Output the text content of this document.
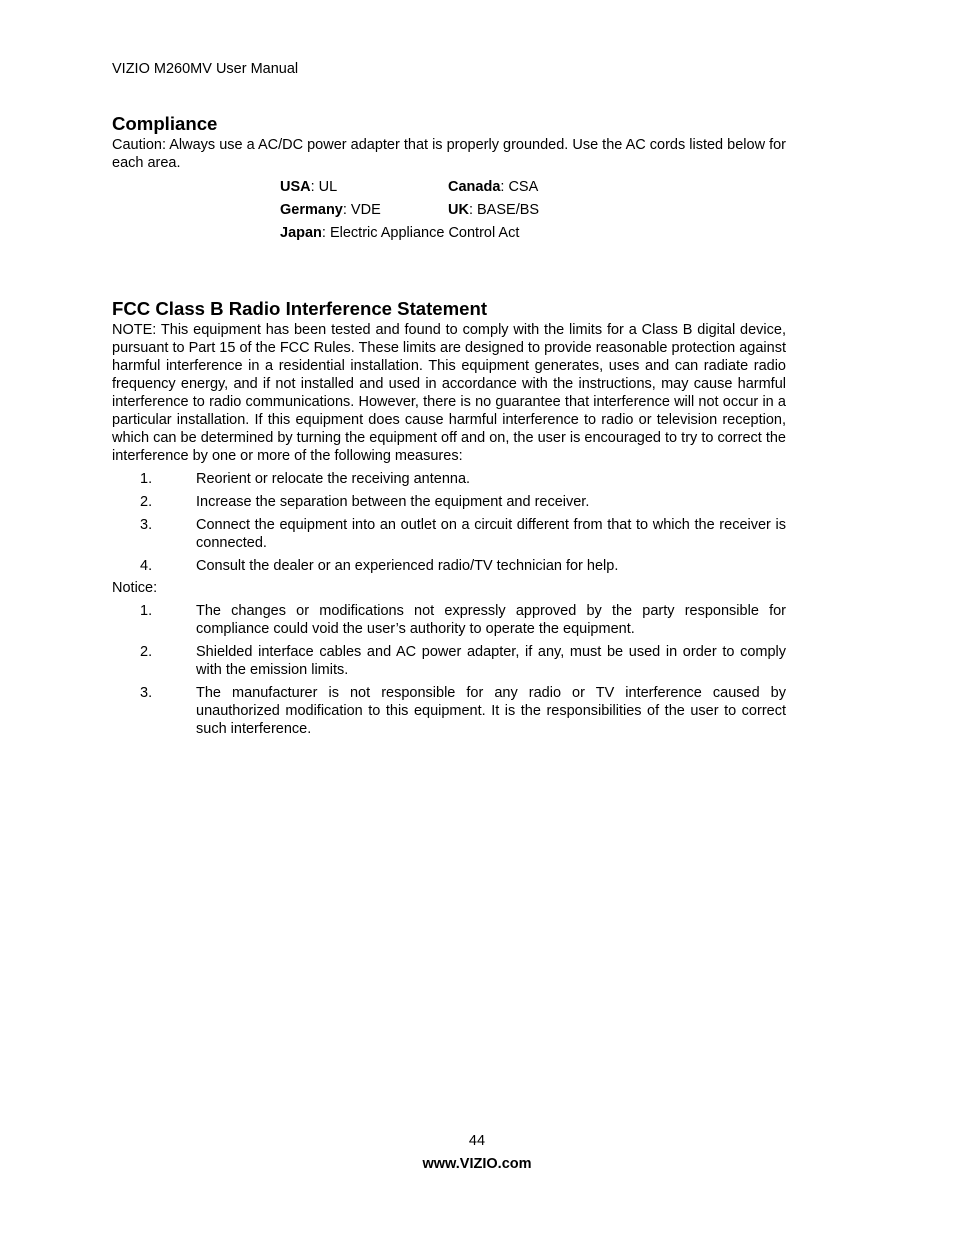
VIZIO M260MV User Manual
Compliance

Caution: Always use a AC/DC power adapter that is properly grounded. Use the AC cords listed below for each area.

USA: UL	Canada: CSA
Germany: VDE	UK: BASE/BS
Japan: Electric Appliance Control Act
FCC Class B Radio Interference Statement

NOTE: This equipment has been tested and found to comply with the limits for a Class B digital device, pursuant to Part 15 of the FCC Rules. These limits are designed to provide reasonable protection against harmful interference in a residential installation. This equipment generates, uses and can radiate radio frequency energy, and if not installed and used in accordance with the instructions, may cause harmful interference to radio communications. However, there is no guarantee that interference will not occur in a particular installation. If this equipment does cause harmful interference to radio or television reception, which can be determined by turning the equipment off and on, the user is encouraged to try to correct the interference by one or more of the following measures:

1.	Reorient or relocate the receiving antenna.
2.	Increase the separation between the equipment and receiver.
3.	Connect the equipment into an outlet on a circuit different from that to which the receiver is connected.
4.	Consult the dealer or an experienced radio/TV technician for help.
Notice:
1.	The changes or modifications not expressly approved by the party responsible for compliance could void the user’s authority to operate the equipment.
2.	Shielded interface cables and AC power adapter, if any, must be used in order to comply with the emission limits.
3.	The manufacturer is not responsible for any radio or TV interference caused by unauthorized modification to this equipment. It is the responsibilities of the user to correct such interference.
44
www.VIZIO.com
